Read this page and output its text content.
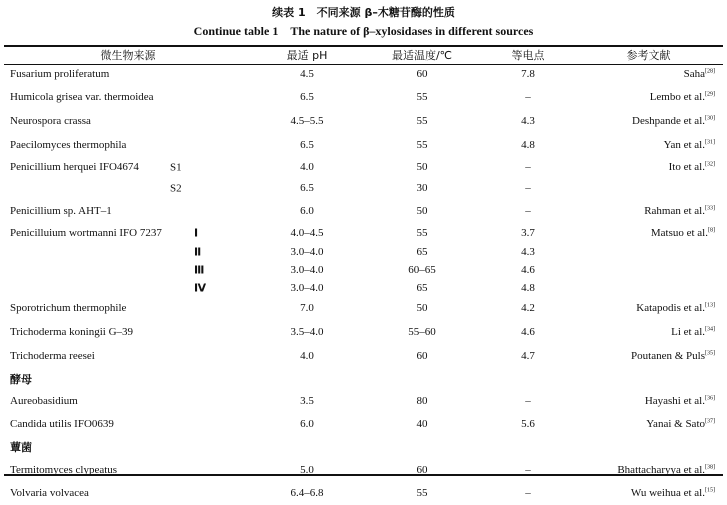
续表 1　不同来源 β–木糖苷酶的性质
Continue table 1　The nature of β–xylosidases in different sources
微生物来源	最适 pH	最适温度/℃	等电点	参考文献
Fusarium proliferatum	4.5	60	7.8	Saha[28]
Humicola grisea var. thermoidea	6.5	55	–	Lembo et al.[29]
Neurospora crassa	4.5–5.5	55	4.3	Deshpande et al.[30]
Paecilomyces thermophila	6.5	55	4.8	Yan et al.[31]
Penicillium herquei IFO4674 S1	4.0	50	–	Ito et al.[32]

S2	6.5	30	–	
Penicillium sp. AHT–1	6.0	50	–	Rahman et al.[33]
Penicilluium wortmanni IFO 7237 Ⅰ	4.0–4.5	55	3.7	Matsuo et al.[8]

Ⅱ	3.0–4.0	65	4.3	

Ⅲ	3.0–4.0	60–65	4.6	

Ⅳ	3.0–4.0	65	4.8	
Sporotrichum thermophile	7.0	50	4.2	Katapodis et al.[13]
Trichoderma koningii G–39	3.5–4.0	55–60	4.6	Li et al.[34]
Trichoderma reesei	4.0	60	4.7	Poutanen & Puls[35]
酵母				
Aureobasidium	3.5	80	–	Hayashi et al.[36]
Candida utilis IFO0639	6.0	40	5.6	Yanai & Sato[37]
蕈菌				
Termitomyces clypeatus	5.0	60	–	Bhattacharyya et al.[38]
Volvaria volvacea	6.4–6.8	55	–	Wu weihua et al.[15]
